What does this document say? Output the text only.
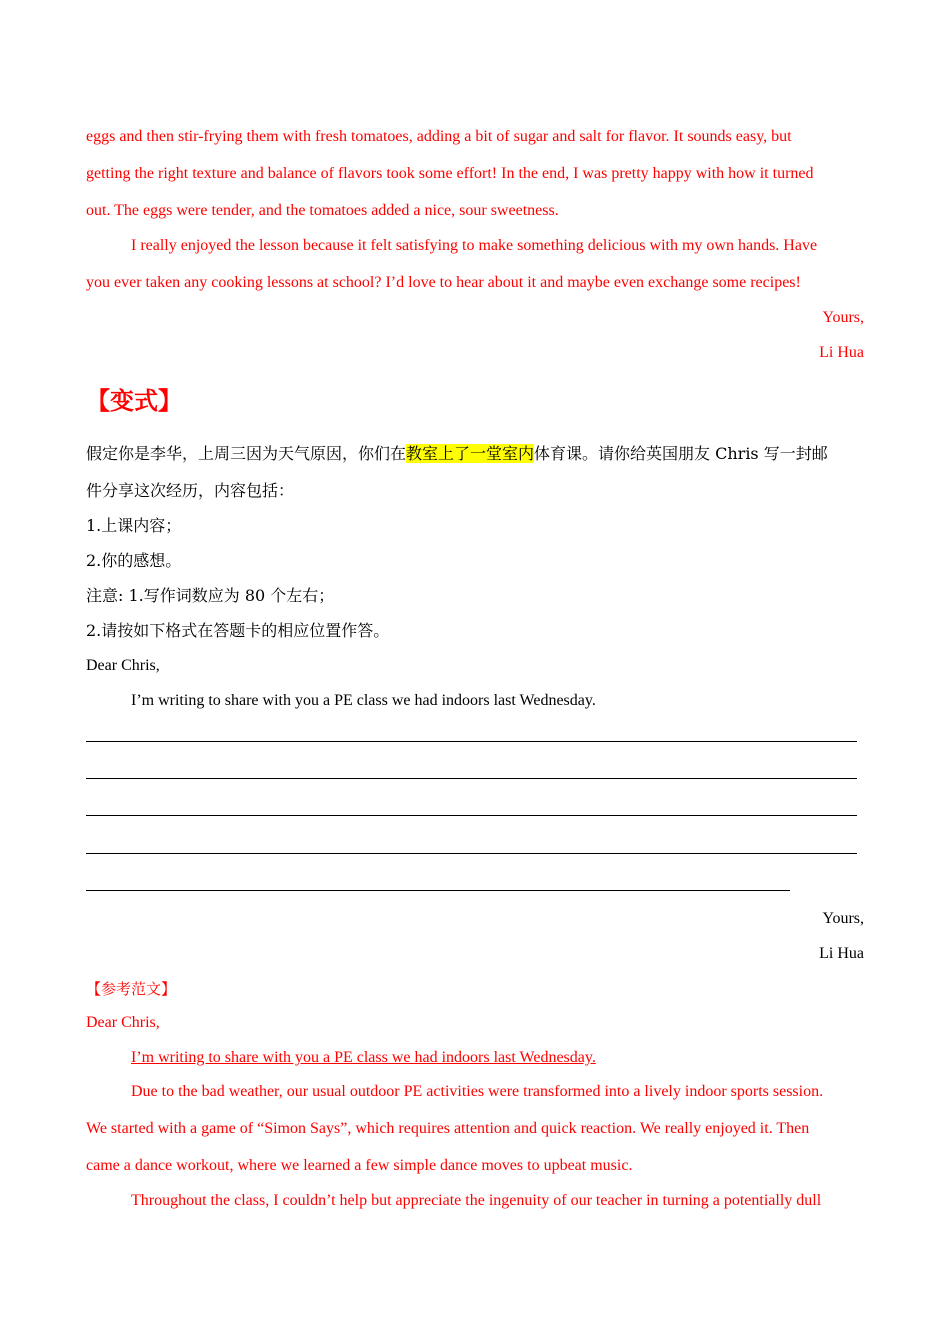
eggs and then stir-frying them with fresh tomatoes, adding a bit of sugar and salt for flavor. It sounds easy, but
getting the right texture and balance of flavors took some effort! In the end, I was pretty happy with how it turned
out. The eggs were tender, and the tomatoes added a nice, sour sweetness.
I really enjoyed the lesson because it felt satisfying to make something delicious with my own hands. Have
you ever taken any cooking lessons at school? I’d love to hear about it and maybe even exchange some recipes!
Yours,
Li Hua
【变式】
假定你是李华，上周三因为天气原因，你们在教室上了一堂室内体育课。请你给英国朋友 Chris 写一封邮
件分享这次经历，内容包括：
1.上课内容；
2.你的感想。
注意: 1.写作词数应为 80 个左右；
2.请按如下格式在答题卡的相应位置作答。
Dear Chris,
I’m writing to share with you a PE class we had indoors last Wednesday.
Yours,
Li Hua
【参考范文】
Dear Chris,
I’m writing to share with you a PE class we had indoors last Wednesday.
Due to the bad weather, our usual outdoor PE activities were transformed into a lively indoor sports session.
We started with a game of “Simon Says”, which requires attention and quick reaction. We really enjoyed it. Then
came a dance workout, where we learned a few simple dance moves to upbeat music.
Throughout the class, I couldn’t help but appreciate the ingenuity of our teacher in turning a potentially dull
